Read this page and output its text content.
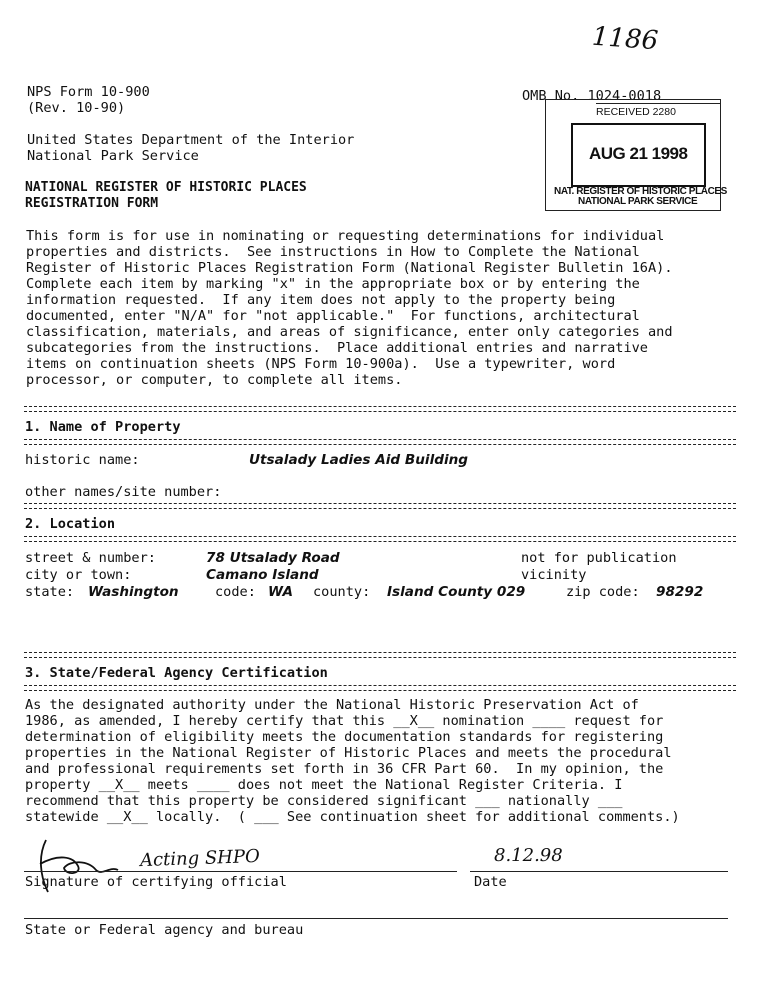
1186
NPS Form 10-900
(Rev. 10-90)
OMB No. 1024-0018
United States Department of the Interior
National Park Service
NATIONAL REGISTER OF HISTORIC PLACES
REGISTRATION FORM
RECEIVED 2280
AUG 21 1998
NAT. REGISTER OF HISTORIC PLACES
NATIONAL PARK SERVICE
This form is for use in nominating or requesting determinations for individual
properties and districts.  See instructions in How to Complete the National
Register of Historic Places Registration Form (National Register Bulletin 16A).
Complete each item by marking "x" in the appropriate box or by entering the
information requested.  If any item does not apply to the property being
documented, enter "N/A" for "not applicable."  For functions, architectural
classification, materials, and areas of significance, enter only categories and
subcategories from the instructions.  Place additional entries and narrative
items on continuation sheets (NPS Form 10-900a).  Use a typewriter, word
processor, or computer, to complete all items.
1. Name of Property
historic name:	Utsalady Ladies Aid Building
other names/site number:
2. Location
street & number:	78 Utsalady Road	not for publication
city or town:	Camano Island	vicinity
state: Washington	code: WA county: Island County 029	zip code: 98292
3. State/Federal Agency Certification
As the designated authority under the National Historic Preservation Act of
1986, as amended, I hereby certify that this __X__ nomination ____ request for
determination of eligibility meets the documentation standards for registering
properties in the National Register of Historic Places and meets the procedural
and professional requirements set forth in 36 CFR Part 60.  In my opinion, the
property __X__ meets ____ does not meet the National Register Criteria. I
recommend that this property be considered significant ___ nationally ___
statewide __X__ locally.  ( ___ See continuation sheet for additional comments.)
Acting SHPO	8.12.98
Signature of certifying official	Date
State or Federal agency and bureau
